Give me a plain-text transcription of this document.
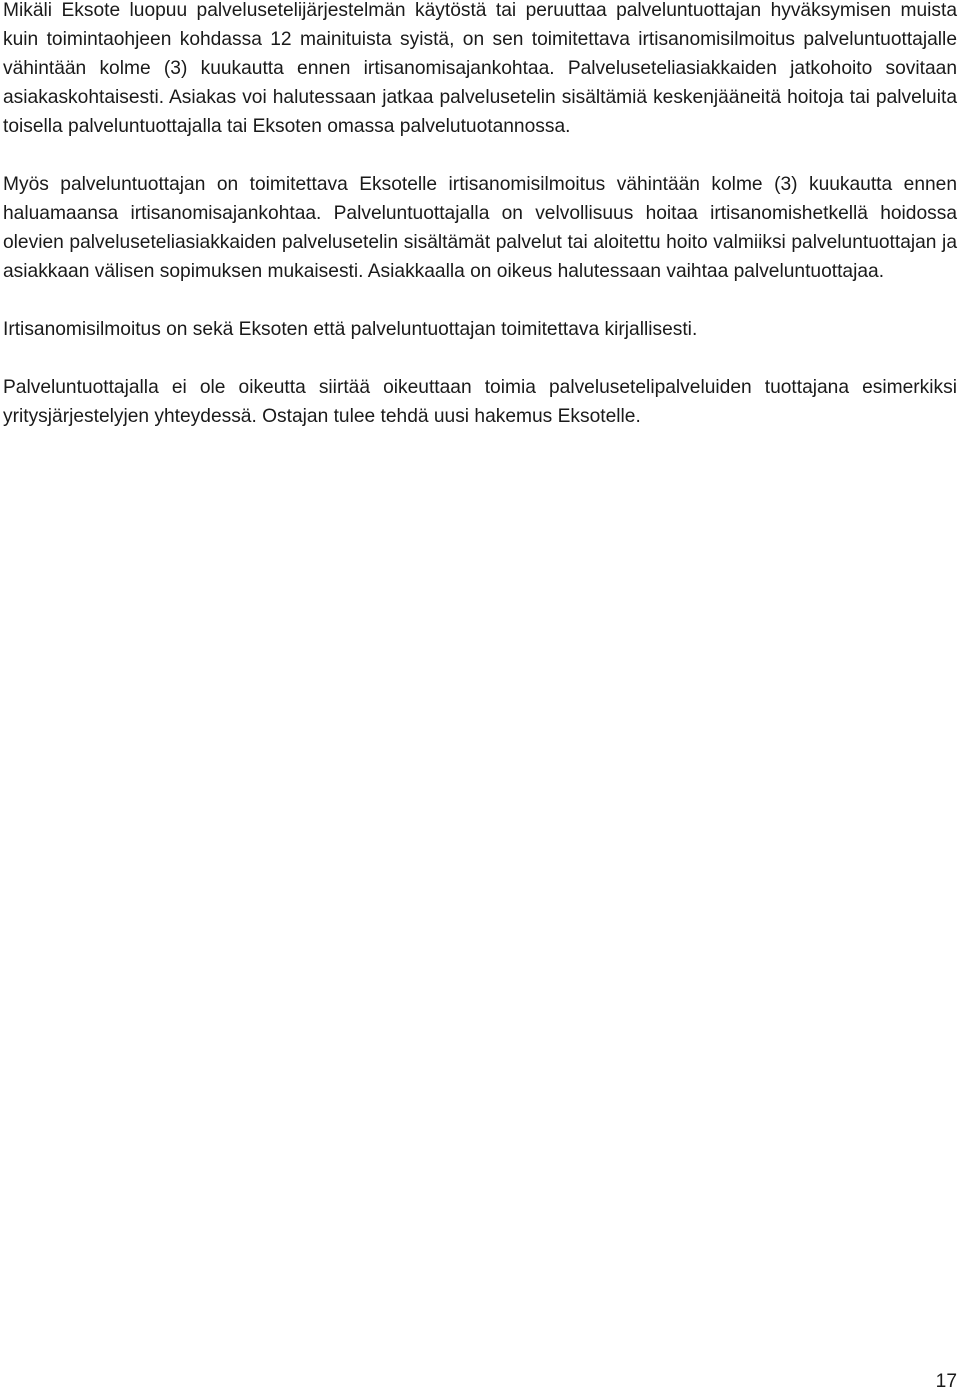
Mikäli Eksote luopuu palvelusetelijärjestelmän käytöstä tai peruuttaa palveluntuottajan hyväksymisen muista kuin toimintaohjeen kohdassa 12 mainituista syistä, on sen toimitettava irtisanomisilmoitus palveluntuottajalle vähintään kolme (3) kuukautta ennen irtisanomisajankohtaa. Palveluseteliasiakkaiden jatkohoito sovitaan asiakaskohtaisesti. Asiakas voi halutessaan jatkaa palvelusetelin sisältämiä keskenjääneitä hoitoja tai palveluita toisella palveluntuottajalla tai Eksoten omassa palvelutuotannossa.

Myös palveluntuottajan on toimitettava Eksotelle irtisanomisilmoitus vähintään kolme (3) kuukautta ennen haluamaansa irtisanomisajankohtaa. Palveluntuottajalla on velvollisuus hoitaa irtisanomishetkellä hoidossa olevien palveluseteliasiakkaiden palvelusetelin sisältämät palvelut tai aloitettu hoito valmiiksi palveluntuottajan ja asiakkaan välisen sopimuksen mukaisesti. Asiakkaalla on oikeus halutessaan vaihtaa palveluntuottajaa.

Irtisanomisilmoitus on sekä Eksoten että palveluntuottajan toimitettava kirjallisesti.

Palveluntuottajalla ei ole oikeutta siirtää oikeuttaan toimia palvelusetelipalveluiden tuottajana esimerkiksi yritysjärjestelyjen yhteydessä. Ostajan tulee tehdä uusi hakemus Eksotelle.

17
